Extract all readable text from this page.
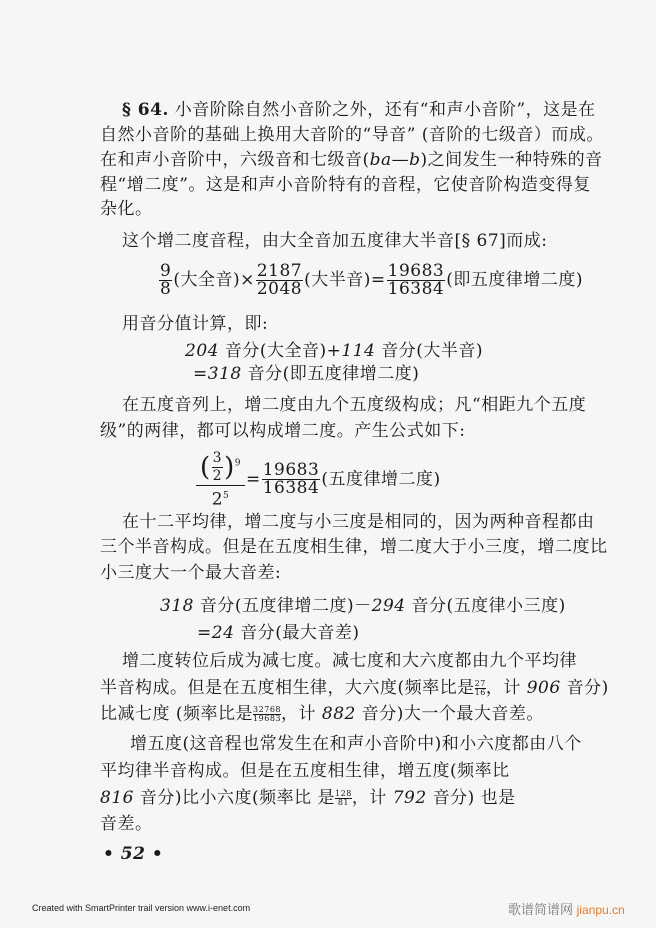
§ 64. 小音阶除自然小音阶之外，还有“和声小音阶”，这是在
自然小音阶的基础上换用大音阶的“导音” (音阶的七级音）而成。
在和声小音阶中，六级音和七级音(ba—b)之间发生一种特殊的音
程“增二度”。这是和声小音阶特有的音程，它使音阶构造变得复
杂化。
这个增二度音程，由大全音加五度律大半音[§ 67]而成:
$\frac{9}{8}$ (大全音)× $\frac{2187}{2048}$ (大半音)= $\frac{19683}{16384}$ (即五度律增二度)
用音分值计算，即:
204 音分(大全音)+114 音分(大半音)
=318 音分(即五度律增二度)
在五度音列上，增二度由九个五度级构成；凡“相距九个五度
级”的两律，都可以构成增二度。产生公式如下:
$\frac{( \frac{3}{2} )^9}{2^5} = \frac{19683}{16384}$ (五度律增二度)
在十二平均律，增二度与小三度是相同的，因为两种音程都由
三个半音构成。但是在五度相生律，增二度大于小三度，增二度比
小三度大一个最大音差:
318 音分(五度律增二度)－294 音分(五度律小三度)
=24 音分(最大音差)
增二度转位后成为减七度。减七度和大六度都由九个平均律
半音构成。但是在五度相生律，大六度(频率比是 $\frac{27}{16}$ ，计 906 音分)
比减七度 (频率比是 $\frac{32768}{19683}$ ，计 882 音分)大一个最大音差。
增五度(这音程也常发生在和声小音阶中)和小六度都由八个
平均律半音构成。但是在五度相生律，增五度(频率比
816 音分)比小六度(频率比 是 $\frac{128}{81}$ ，计 792 音分) 也是
音差。
• 52 •
Created with SmartPrinter trail version www.i-enet.com	歌谱简谱网 jianpu.cn
